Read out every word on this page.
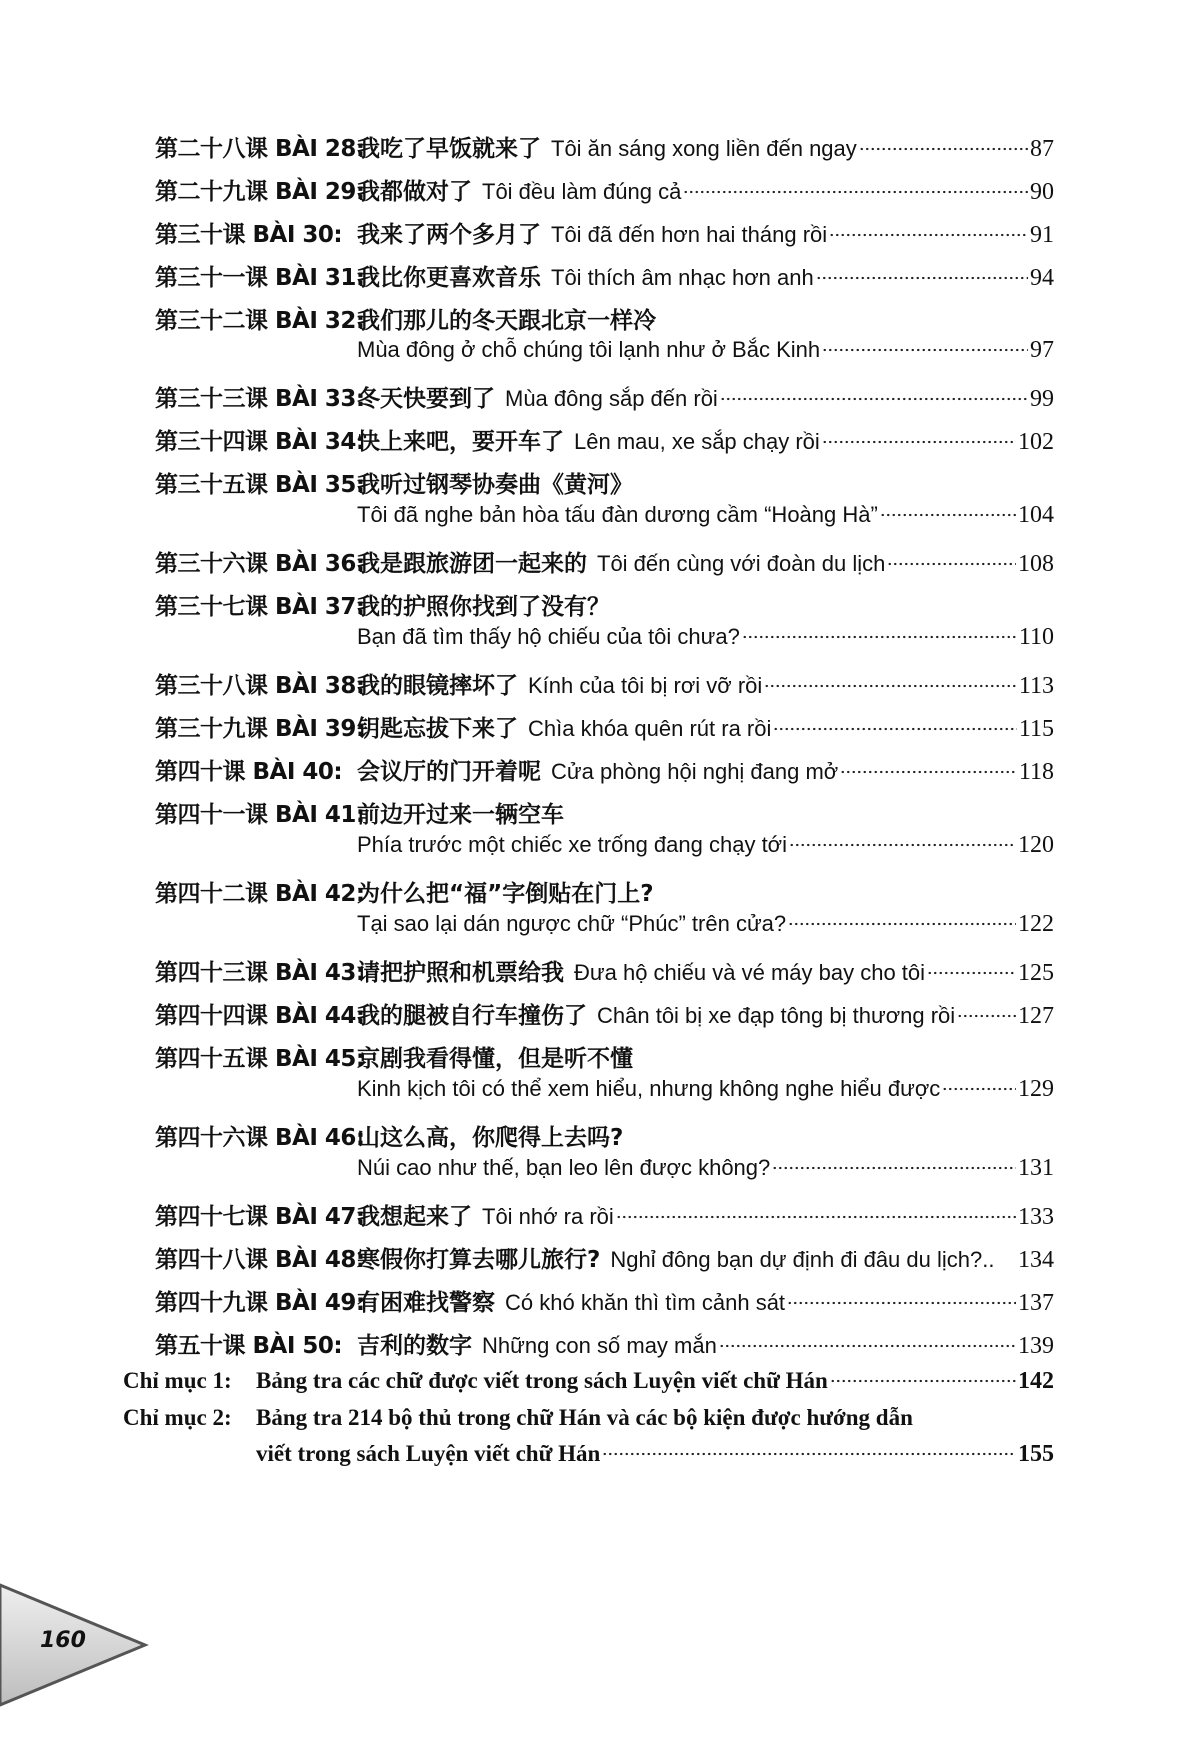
第二十八课 BÀI 28:
我吃了早饭就来了 Tôi ăn sáng xong liền đến ngay	87
第二十九课 BÀI 29:
我都做对了 Tôi đều làm đúng cả	90
第三十课 BÀI 30: 我来了两个多月了 Tôi đã đến hơn hai tháng rồi	91
第三十一课 BÀI 31:
我比你更喜欢音乐 Tôi thích âm nhạc hơn anh	94
第三十二课 BÀI 32:
我们那儿的冬天跟北京一样冷
Mùa đông ở chỗ chúng tôi lạnh như ở Bắc Kinh	97
第三十三课 BÀI 33:
冬天快要到了 Mùa đông sắp đến rồi	99
第三十四课 BÀI 34:
快上来吧，要开车了 Lên mau, xe sắp chạy rồi	102
第三十五课 BÀI 35:
我听过钢琴协奏曲《黄河》
Tôi đã nghe bản hòa tấu đàn dương cầm “Hoàng Hà”	104
第三十六课 BÀI 36:
我是跟旅游团一起来的 Tôi đến cùng với đoàn du lịch	108
第三十七课 BÀI 37:
我的护照你找到了没有？
Bạn đã tìm thấy hộ chiếu của tôi chưa?	110
第三十八课 BÀI 38:
我的眼镜摔坏了 Kính của tôi bị rơi vỡ rồi	113
第三十九课 BÀI 39:
钥匙忘拔下来了 Chìa khóa quên rút ra rồi	115
第四十课 BÀI 40: 会议厅的门开着呢 Cửa phòng hội nghị đang mở	118
第四十一课 BÀI 41:
前边开过来一辆空车
Phía trước một chiếc xe trống đang chạy tới	120
第四十二课 BÀI 42:
为什么把“福”字倒贴在门上?
Tại sao lại dán ngược chữ “Phúc” trên cửa?	122
第四十三课 BÀI 43:
请把护照和机票给我 Đưa hộ chiếu và vé máy bay cho tôi	125
第四十四课 BÀI 44:
我的腿被自行车撞伤了 Chân tôi bị xe đạp tông bị thương rồi	127
第四十五课 BÀI 45:
京剧我看得懂，但是听不懂
Kinh kịch tôi có thể xem hiểu, nhưng không nghe hiểu được	129
第四十六课 BÀI 46:
山这么高，你爬得上去吗?
Núi cao như thế, bạn leo lên được không?	131
第四十七课 BÀI 47:
我想起来了 Tôi nhớ ra rồi	133
第四十八课 BÀI 48:
寒假你打算去哪儿旅行? Nghỉ đông bạn dự định đi đâu du lịch?.. 134
第四十九课 BÀI 49:
有困难找警察 Có khó khăn thì tìm cảnh sát	137
第五十课 BÀI 50: 吉利的数字 Những con số may mắn	139
Chỉ mục 1:	Bảng tra các chữ được viết trong sách Luyện viết chữ Hán	142
Chỉ mục 2:	Bảng tra 214 bộ thủ trong chữ Hán và các bộ kiện được hướng dẫn
viết trong sách Luyện viết chữ Hán	155
160
